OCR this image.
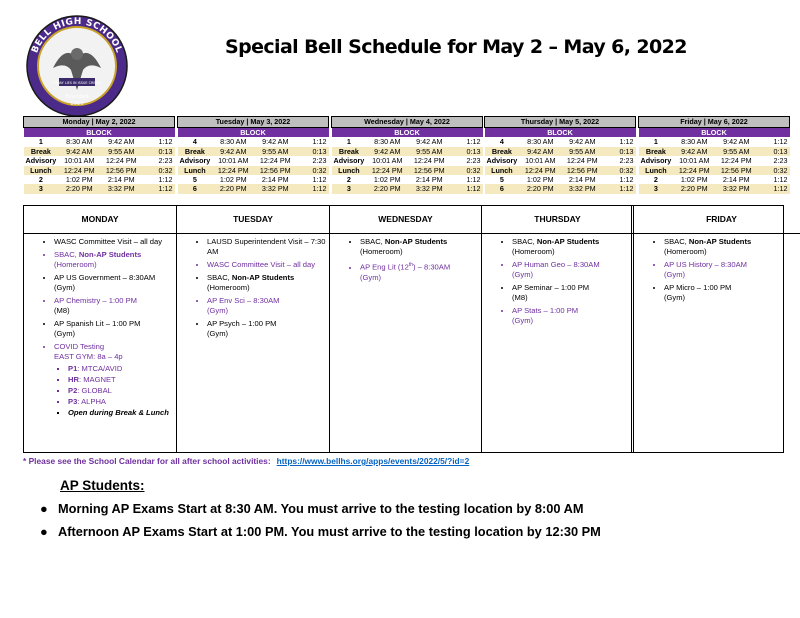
TODAY LIES IN ISSUE CREATE
Founded
1925
BELL HIGH SCHOOL	Special Bell Schedule for May 2 – May 6, 2022
Monday | May 2, 2022			
BLOCK			
1	8:30 AM	9:42 AM	1:12
Break	9:42 AM	9:55 AM	0:13
Advisory	10:01 AM	12:24 PM	2:23
Lunch	12:24 PM	12:56 PM	0:32
2	1:02 PM	2:14 PM	1:12
3	2:20 PM	3:32 PM	1:12
Tuesday | May 3, 2022			
BLOCK			
4	8:30 AM	9:42 AM	1:12
Break	9:42 AM	9:55 AM	0:13
Advisory	10:01 AM	12:24 PM	2:23
Lunch	12:24 PM	12:56 PM	0:32
5	1:02 PM	2:14 PM	1:12
6	2:20 PM	3:32 PM	1:12
Wednesday | May 4, 2022			
BLOCK			
1	8:30 AM	9:42 AM	1:12
Break	9:42 AM	9:55 AM	0:13
Advisory	10:01 AM	12:24 PM	2:23
Lunch	12:24 PM	12:56 PM	0:32
2	1:02 PM	2:14 PM	1:12
3	2:20 PM	3:32 PM	1:12
Thursday | May 5, 2022			
BLOCK			
4	8:30 AM	9:42 AM	1:12
Break	9:42 AM	9:55 AM	0:13
Advisory	10:01 AM	12:24 PM	2:23
Lunch	12:24 PM	12:56 PM	0:32
5	1:02 PM	2:14 PM	1:12
6	2:20 PM	3:32 PM	1:12
Friday | May 6, 2022			
BLOCK			
1	8:30 AM	9:42 AM	1:12
Break	9:42 AM	9:55 AM	0:13
Advisory	10:01 AM	12:24 PM	2:23
Lunch	12:24 PM	12:56 PM	0:32
2	1:02 PM	2:14 PM	1:12
3	2:20 PM	3:32 PM	1:12
MONDAY
• WASC Committee Visit – all day
• SBAC, Non-AP Students
(Homeroom)
• AP US Government – 8:30AM
(Gym)
• AP Chemistry – 1:00 PM
(M8)
• AP Spanish Lit – 1:00 PM
(Gym)
• COVID Testing
EAST GYM: 8a – 4p
▪ P1: MTCA/AVID
▪ HR: MAGNET
▪ P2: GLOBAL
▪ P3: ALPHA
▪ Open during Break & Lunch
TUESDAY
• LAUSD Superintendent Visit – 7:30 AM
• WASC Committee Visit – all day
• SBAC, Non-AP Students
(Homeroom)
• AP Env Sci – 8:30AM
(Gym)
• AP Psych – 1:00 PM
(Gym)
WEDNESDAY
• SBAC, Non-AP Students
(Homeroom)
• AP Eng Lit (12th) – 8:30AM
(Gym)
THURSDAY
• SBAC, Non-AP Students
(Homeroom)
• AP Human Geo – 8:30AM
(Gym)
• AP Seminar – 1:00 PM
(M8)
• AP Stats – 1:00 PM
(Gym)
FRIDAY
• SBAC, Non-AP Students
(Homeroom)
• AP US History – 8:30AM
(Gym)
• AP Micro – 1:00 PM
(Gym)
* Please see the School Calendar for all after school activities: https://www.bellhs.org/apps/events/2022/5/?id=2
AP Students:
● Morning AP Exams Start at 8:30 AM. You must arrive to the testing location by 8:00 AM
● Afternoon AP Exams Start at 1:00 PM. You must arrive to the testing location by 12:30 PM
